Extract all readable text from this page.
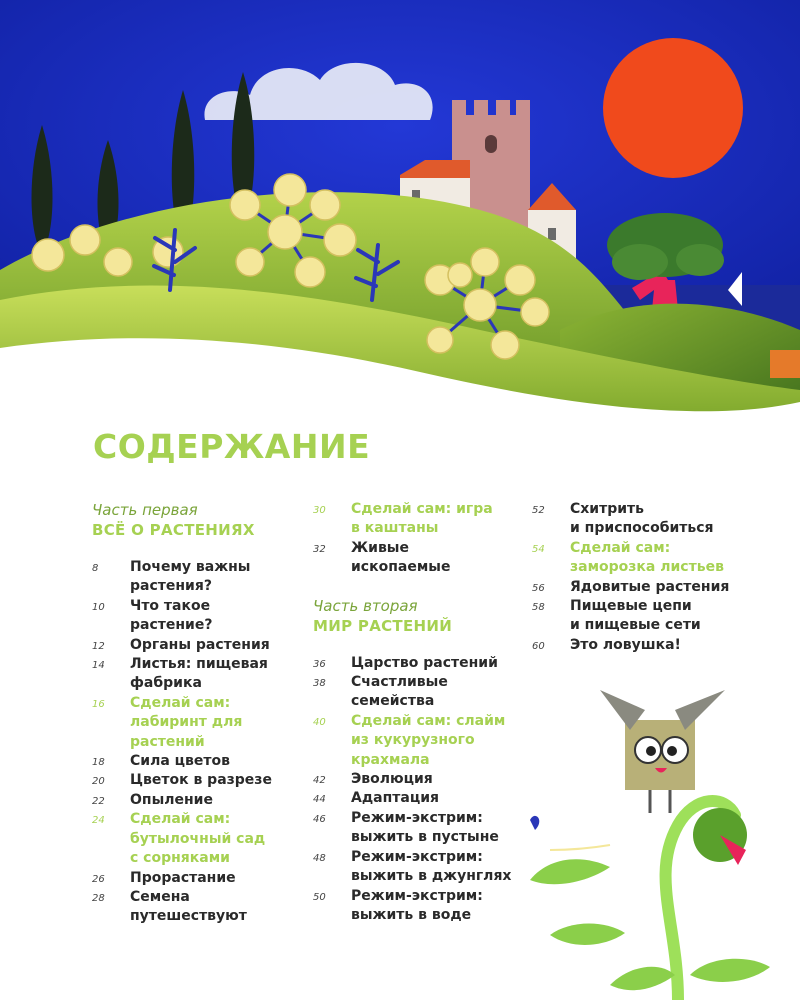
СОДЕРЖАНИЕ
Часть первая
ВСЁ О РАСТЕНИЯХ
8	Почему важны
растения?
10	Что такое
растение?
12	Органы растения
14	Листья: пищевая
фабрика
16	Сделай сам:
лабиринт для
растений
18	Сила цветов
20	Цветок в разрезе
22	Опыление
24	Сделай сам:
бутылочный сад
с сорняками
26	Прорастание
28	Семена
путешествуют
30	Сделай сам: игра
в каштаны
32	Живые
ископаемые
Часть вторая
МИР РАСТЕНИЙ
36	Царство растений
38	Счастливые
семейства
40	Сделай сам: слайм
из кукурузного
крахмала
42	Эволюция
44	Адаптация
46	Режим-экстрим:
выжить в пустыне
48	Режим-экстрим:
выжить в джунглях
50	Режим-экстрим:
выжить в воде
52	Схитрить
и приспособиться
54	Сделай сам:
заморозка листьев
56	Ядовитые растения
58	Пищевые цепи
и пищевые сети
60	Это ловушка!
